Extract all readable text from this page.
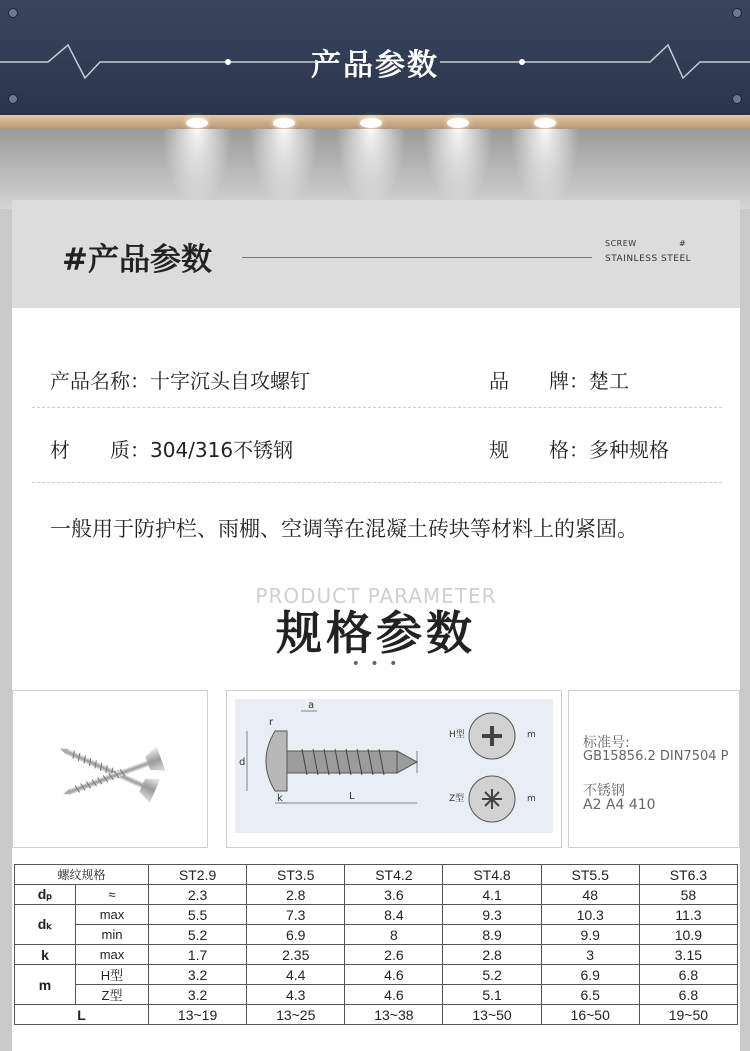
产品参数
#产品参数	SCREW	#
STAINLESS STEEL
产品名称：十字沉头自攻螺钉	品　　牌：楚工
材　　质：304/316不锈钢	规　　格：多种规格
一般用于防护栏、雨棚、空调等在混凝土砖块等材料上的紧固。
PRODUCT PARAMETER
规格参数
• • •
a
r
d
k	L
H型
Z型
m
m
标准号:
GB15856.2 DIN7504 P
不锈钢
A2 A4 410
螺纹规格		ST2.9	ST3.5	ST4.2	ST4.8	ST5.5	ST6.3
dₚ	≈	2.3	2.8	3.6	4.1	48	58
dₖ	max	5.5	7.3	8.4	9.3	10.3	11.3
	min	5.2	6.9	8	8.9	9.9	10.9
k	max	1.7	2.35	2.6	2.8	3	3.15
m	H型	3.2	4.4	4.6	5.2	6.9	6.8
	Z型	3.2	4.3	4.6	5.1	6.5	6.8
L		13~19	13~25	13~38	13~50	16~50	19~50
